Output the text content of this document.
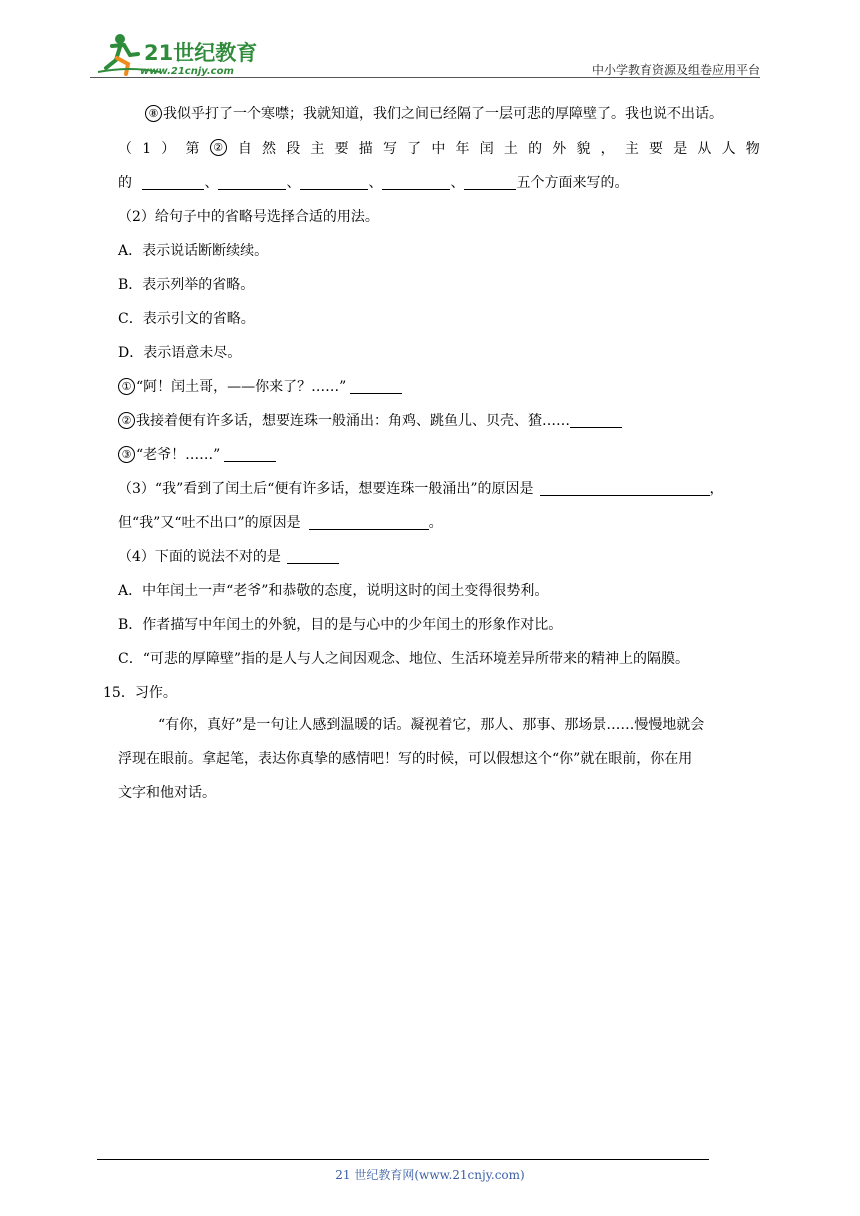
21世纪教育
www.21cnjy.com	中小学教育资源及组卷应用平台
⑧ 我似乎打了一个寒噤；我就知道，我们之间已经隔了一层可悲的厚障壁了。我也说不出话。
（ 1 ） 第	② 自 然 段 主 要 描 写 了 中 年 闰 土 的 外 貌 ， 主 要 是 从 人 物
的	、	、	、	、	五个方面来写的。
（2）给句子中的省略号选择合适的用法。
A．表示说话断断续续。
B．表示列举的省略。
C．表示引文的省略。
D．表示语意未尽。
① “阿！闰土哥，——你来了？……”
② 我接着便有许多话，想要连珠一般涌出：角鸡、跳鱼儿、贝壳、猹……
③ “老爷！……”
（3）“我”看到了闰土后“便有许多话，想要连珠一般涌出”的原因是	，
但“我”又“吐不出口”的原因是	。
（4）下面的说法不对的是
A．中年闰土一声“老爷”和恭敬的态度，说明这时的闰土变得很势利。
B．作者描写中年闰土的外貌，目的是与心中的少年闰土的形象作对比。
C．“可悲的厚障壁”指的是人与人之间因观念、地位、生活环境差异所带来的精神上的隔膜。
15．习作。
“有你，真好”是一句让人感到温暖的话。凝视着它，那人、那事、那场景……慢慢地就会
浮现在眼前。拿起笔，表达你真挚的感情吧！写的时候，可以假想这个“你”就在眼前，你在用
文字和他对话。
21 世纪教育网(www.21cnjy.com)
